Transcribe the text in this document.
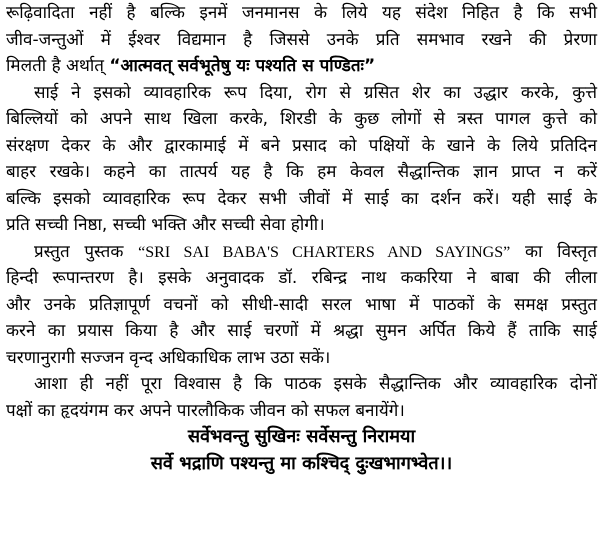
रूढ़िवादिता नहीं है बल्कि इनमें जनमानस के लिये यह संदेश निहित है कि सभी
जीव-जन्तुओं में ईश्वर विद्यमान है जिससे उनके प्रति समभाव रखने की प्रेरणा
मिलती है अर्थात् “आत्मवत् सर्वभूतेषु यः पश्यति स पण्डितः”
साई ने इसको व्यावहारिक रूप दिया, रोग से ग्रसित शेर का उद्धार करके, कुत्ते
बिल्लियों को अपने साथ खिला करके, शिरडी के कुछ लोगों से त्रस्त पागल कुत्ते को
संरक्षण देकर के और द्वारकामाई में बने प्रसाद को पक्षियों के खाने के लिये प्रतिदिन
बाहर रखके। कहने का तात्पर्य यह है कि हम केवल सैद्धान्तिक ज्ञान प्राप्त न करें
बल्कि इसको व्यावहारिक रूप देकर सभी जीवों में साई का दर्शन करें। यही साई के
प्रति सच्ची निष्ठा, सच्ची भक्ति और सच्ची सेवा होगी।
प्रस्तुत पुस्तक “SRI SAI BABA'S CHARTERS AND SAYINGS” का विस्तृत
हिन्दी रूपान्तरण है। इसके अनुवादक डॉ. रबिन्द्र नाथ ककरिया ने बाबा की लीला
और उनके प्रतिज्ञापूर्ण वचनों को सीधी-सादी सरल भाषा में पाठकों के समक्ष प्रस्तुत
करने का प्रयास किया है और साई चरणों में श्रद्धा सुमन अर्पित किये हैं ताकि साई
चरणानुरागी सज्जन वृन्द अधिकाधिक लाभ उठा सकें।
आशा ही नहीं पूरा विश्वास है कि पाठक इसके सैद्धान्तिक और व्यावहारिक दोनों
पक्षों का हृदयंगम कर अपने पारलौकिक जीवन को सफल बनायेंगे।
सर्वेभवन्तु सुखिनः सर्वेसन्तु निरामया
सर्वे भद्राणि पश्यन्तु मा कश्चिद् दुःखभागभ्वेत।।
